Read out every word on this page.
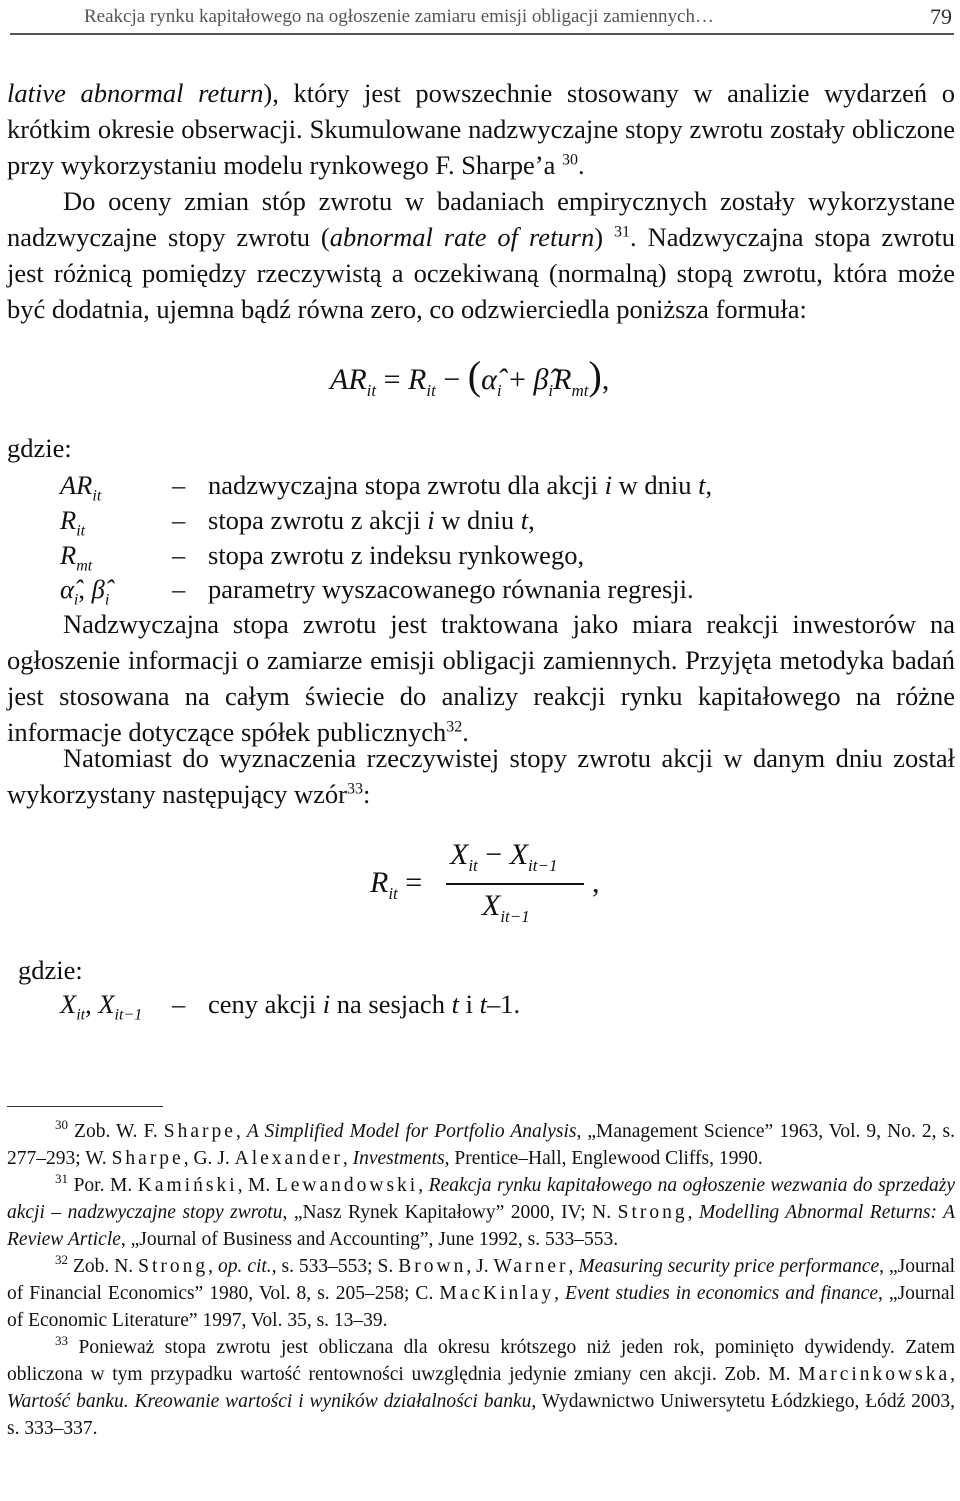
Reakcja rynku kapitałowego na ogłoszenie zamiaru emisji obligacji zamiennych…	79

lative abnormal return), który jest powszechnie stosowany w analizie wydarzeń o krótkim okresie obserwacji. Skumulowane nadzwyczajne stopy zwrotu zostały obliczone przy wykorzystaniu modelu rynkowego F. Sharpe’a $^{30}$.

Do oceny zmian stóp zwrotu w badaniach empirycznych zostały wykorzystane nadzwyczajne stopy zwrotu (abnormal rate of return) $^{31}$. Nadzwyczajna stopa zwrotu jest różnicą pomiędzy rzeczywistą a oczekiwaną (normalną) stopą zwrotu, która może być dodatnia, ujemna bądź równa zero, co odzwierciedla poniższa formuła:

$AR_{it} = R_{it}$ − ($\alphâ_i$ + $\betâ_iR_{mt}$),
gdzie:
$AR_{it}$	– nadzwyczajna stopa zwrotu dla akcji i w dniu t,
$R_{it}$	– stopa zwrotu z akcji i w dniu t,
$R_{mt}$	– stopa zwrotu z indeksu rynkowego,
$\alphâ_i$, $\betâ_i$ – parametry wyszacowanego równania regresji.

Nadzwyczajna stopa zwrotu jest traktowana jako miara reakcji inwestorów na ogłoszenie informacji o zamiarze emisji obligacji zamiennych. Przyjęta metodyka badań jest stosowana na całym świecie do analizy reakcji rynku kapitałowego na różne informacje dotyczące spółek publicznych$^{32}$.

Natomiast do wyznaczenia rzeczywistej stopy zwrotu akcji w danym dniu został wykorzystany następujący wzór$^{33}$:

$R_{it}$ =
$X_{it} - X_{it-1}$
$X_{it-1}$
,
gdzie:
$X_{it}$, $X_{it-1}$ – ceny akcji i na sesjach t i t–1.

$^{30}$ Zob. W. F. Sharpe, A Simplified Model for Portfolio Analysis, „Management Science” 1963, Vol. 9, No. 2, s. 277–293; W. Sharpe, G. J. Alexander, Investments, Prentice–Hall, Englewood Cliffs, 1990.

$^{31}$ Por. M. Kamiński, M. Lewandowski, Reakcja rynku kapitałowego na ogłoszenie wezwania do sprzedaży akcji – nadzwyczajne stopy zwrotu, „Nasz Rynek Kapitałowy” 2000, IV; N. Strong, Modelling Abnormal Returns: A Review Article, „Journal of Business and Accounting”, June 1992, s. 533–553.

$^{32}$ Zob. N. Strong, op. cit., s. 533–553; S. Brown, J. Warner, Measuring security price performance, „Journal of Financial Economics” 1980, Vol. 8, s. 205–258; C. MacKinlay, Event studies in economics and finance, „Journal of Economic Literature” 1997, Vol. 35, s. 13–39.

$^{33}$ Ponieważ stopa zwrotu jest obliczana dla okresu krótszego niż jeden rok, pominięto dywidendy. Zatem obliczona w tym przypadku wartość rentowności uwzględnia jedynie zmiany cen akcji. Zob. M. Marcinkowska, Wartość banku. Kreowanie wartości i wyników działalności banku, Wydawnictwo Uniwersytetu Łódzkiego, Łódź 2003, s. 333–337.
